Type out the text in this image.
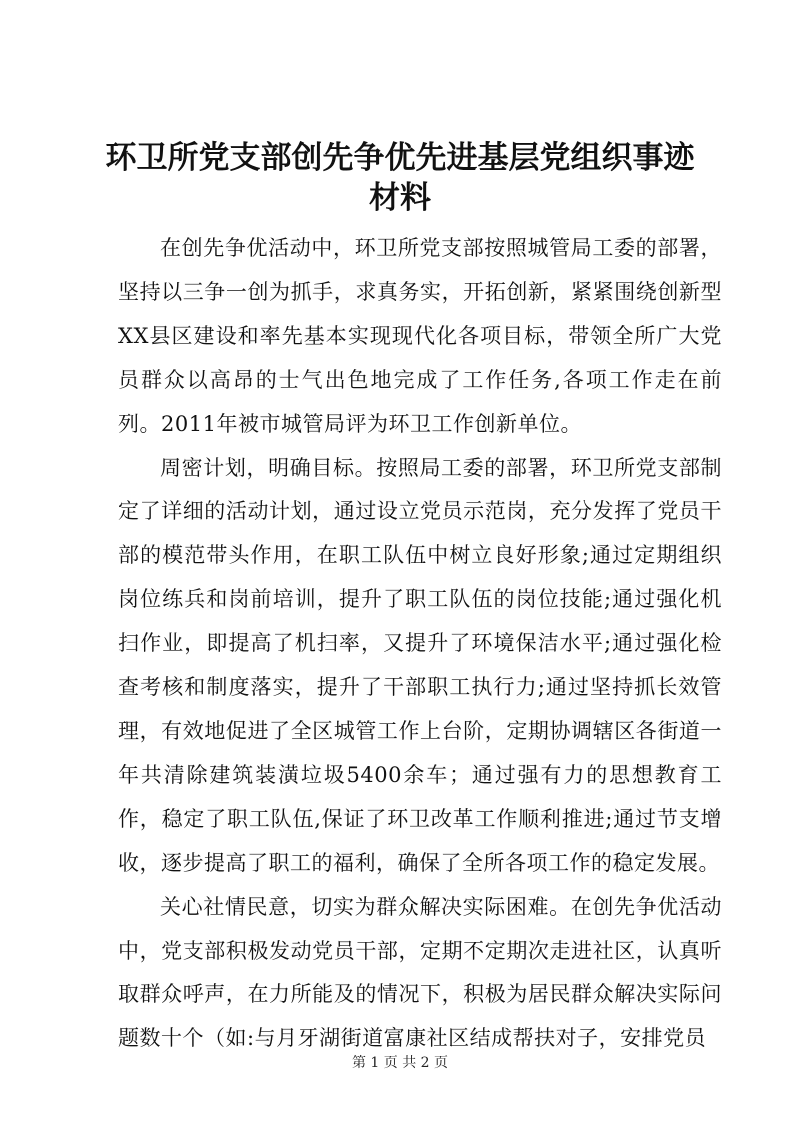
环卫所党支部创先争优先进基层党组织事迹材料

在创先争优活动中，环卫所党支部按照城管局工委的部署，坚持以三争一创为抓手，求真务实，开拓创新，紧紧围绕创新型XX县区建设和率先基本实现现代化各项目标，带领全所广大党员群众以高昂的士气出色地完成了工作任务,各项工作走在前列。2011年被市城管局评为环卫工作创新单位。

周密计划，明确目标。按照局工委的部署，环卫所党支部制定了详细的活动计划，通过设立党员示范岗，充分发挥了党员干部的模范带头作用，在职工队伍中树立良好形象;通过定期组织岗位练兵和岗前培训，提升了职工队伍的岗位技能;通过强化机扫作业，即提高了机扫率，又提升了环境保洁水平;通过强化检查考核和制度落实，提升了干部职工执行力;通过坚持抓长效管理，有效地促进了全区城管工作上台阶，定期协调辖区各街道一年共清除建筑装潢垃圾5400余车；通过强有力的思想教育工作，稳定了职工队伍,保证了环卫改革工作顺利推进;通过节支增收，逐步提高了职工的福利，确保了全所各项工作的稳定发展。

关心社情民意，切实为群众解决实际困难。在创先争优活动中，党支部积极发动党员干部，定期不定期次走进社区，认真听取群众呼声，在力所能及的情况下，积极为居民群众解决实际问题数十个（如:与月牙湖街道富康社区结成帮扶对子，安排党员

第 1 页 共 2 页
